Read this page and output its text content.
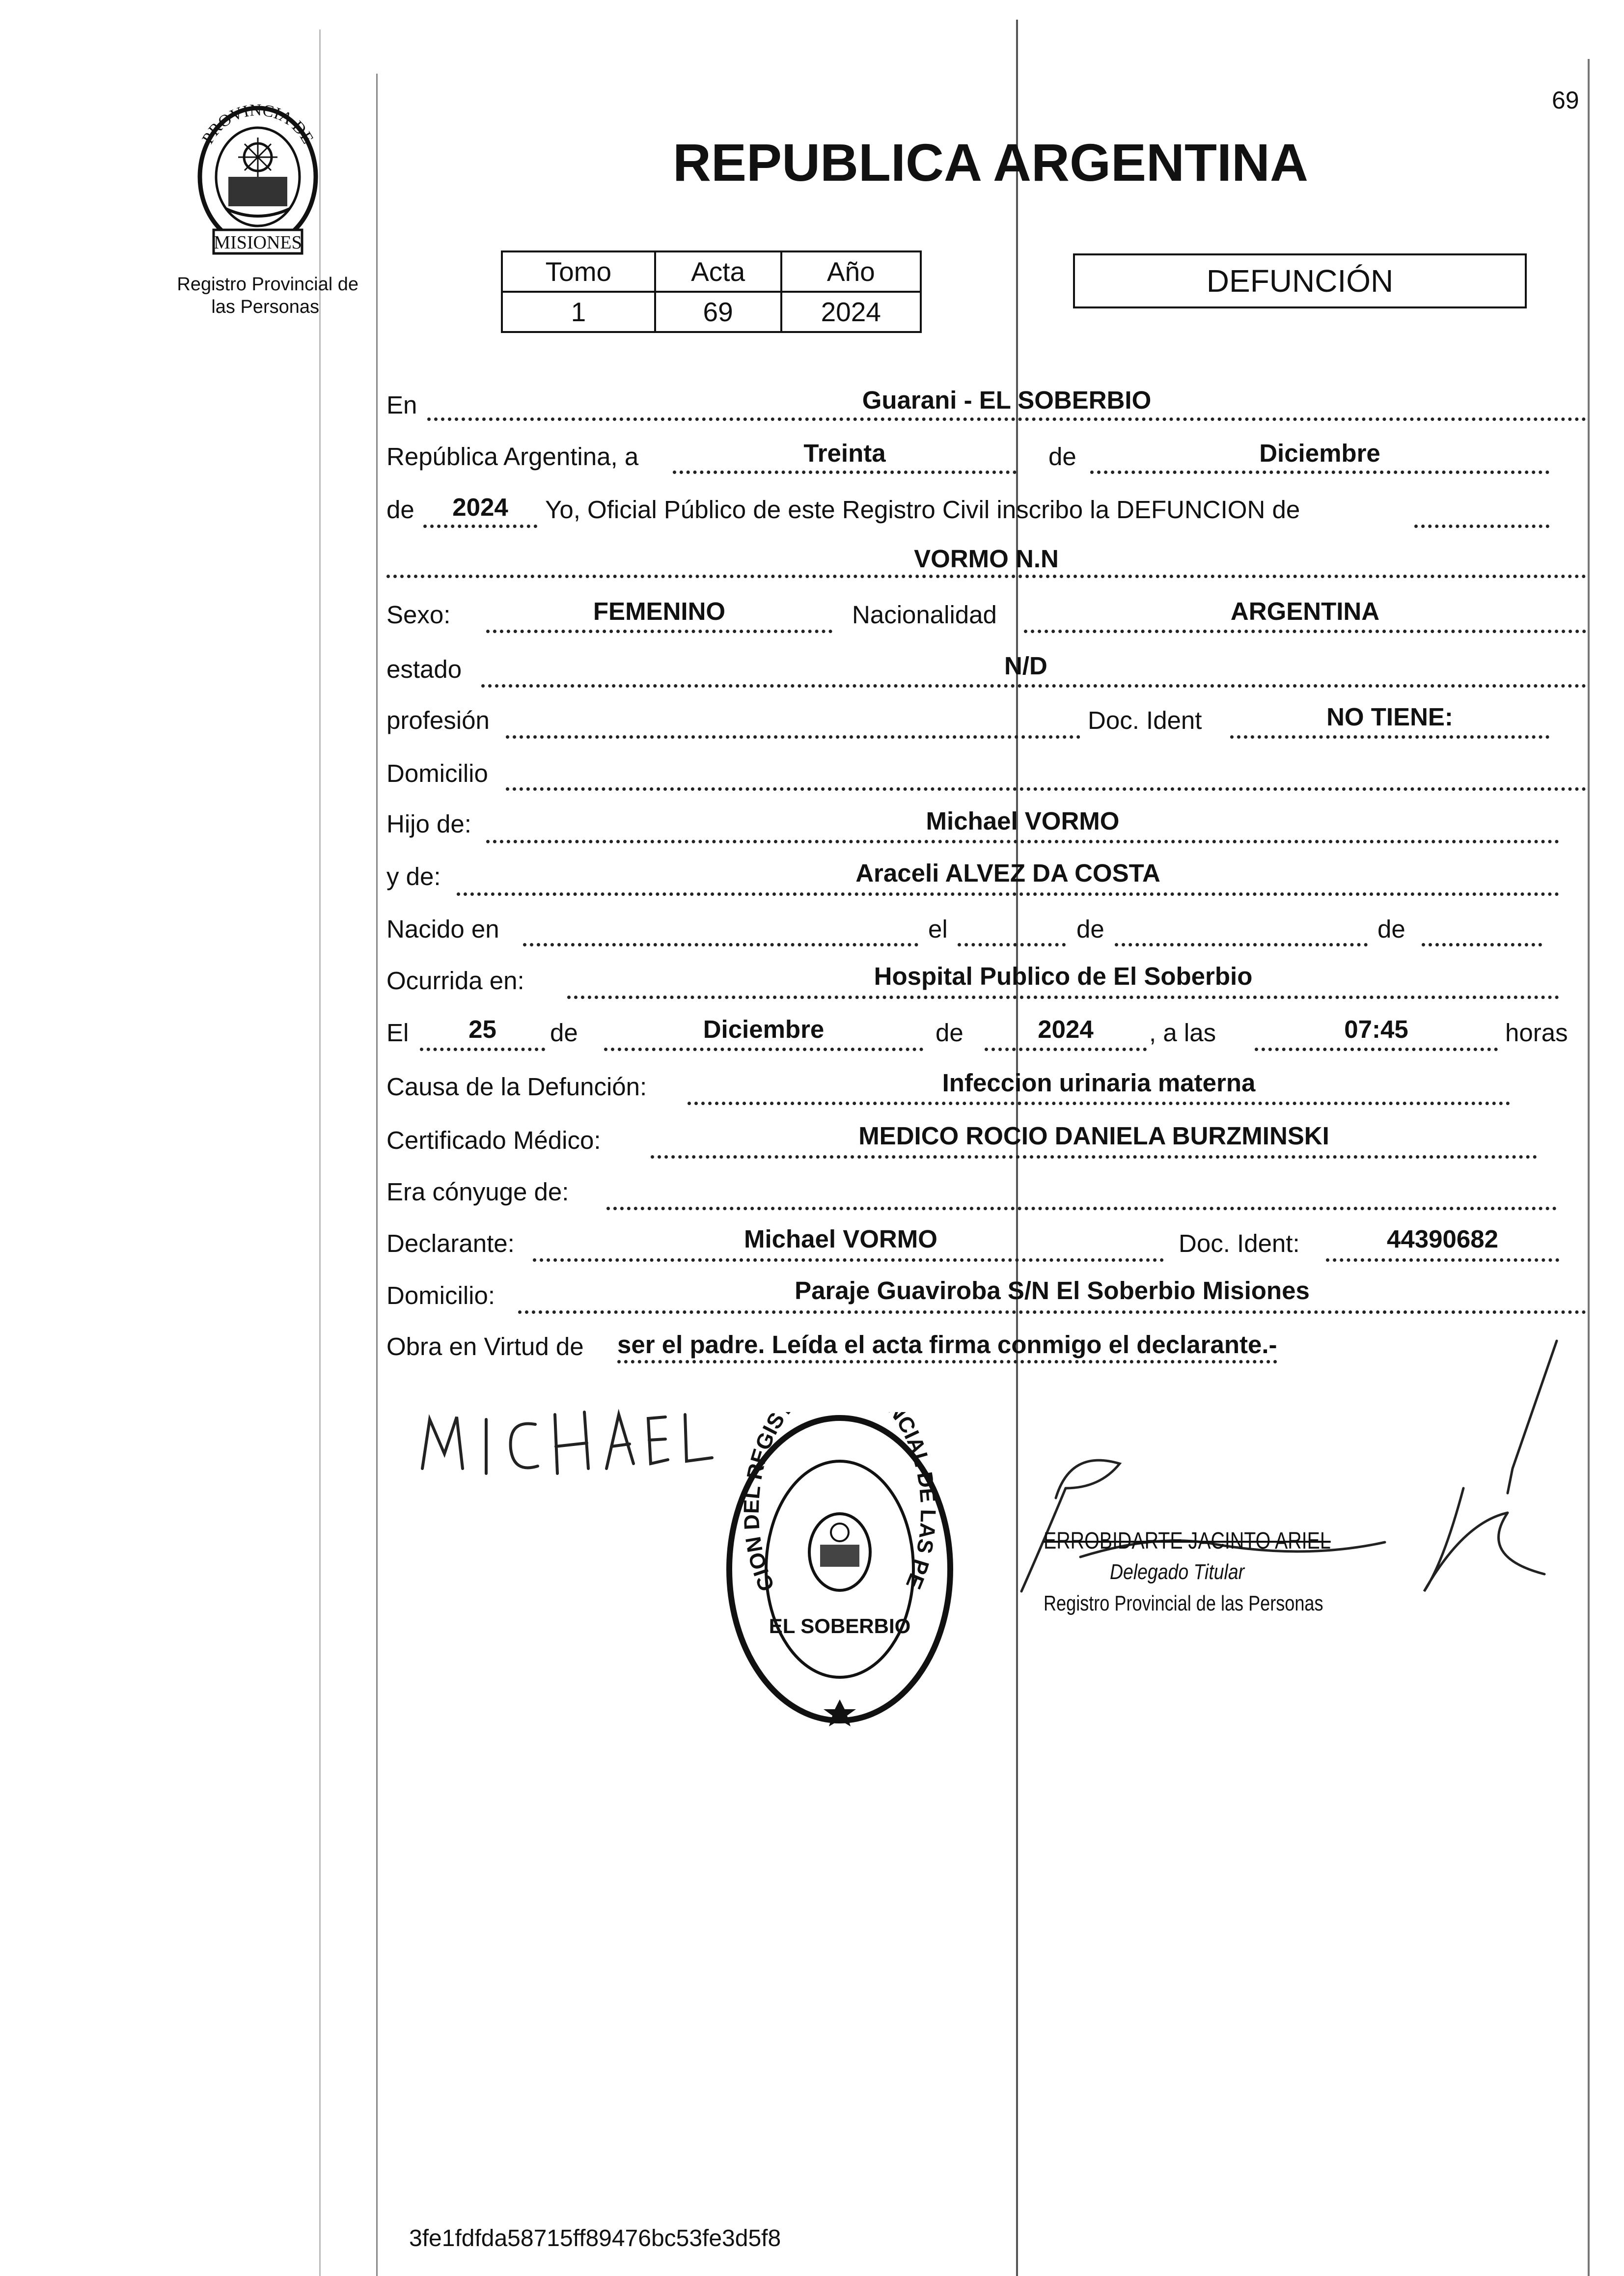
69
PROVINCIA DE
MISIONES
Registro Provincial de
las Personas
REPUBLICA ARGENTINA
Tomo	Acta	Año
1	69	2024
DEFUNCIÓN
En	Guarani - EL SOBERBIO
República Argentina, a	Treinta	de	Diciembre
de	2024	Yo, Oficial Público de este Registro Civil inscribo la DEFUNCION de
VORMO N.N
Sexo:	FEMENINO	Nacionalidad	ARGENTINA
estado	N/D
profesión	Doc. Ident	NO TIENE:
Domicilio
Hijo de:	Michael VORMO
y de:	Araceli ALVEZ DA COSTA
Nacido en	el	de	de
Ocurrida en:	Hospital Publico de El Soberbio
El	25	de	Diciembre	de	2024	, a las	07:45	horas
Causa de la Defunción:	Infeccion urinaria materna
Certificado Médico:	MEDICO ROCIO DANIELA BURZMINSKI
Era cónyuge de:
Declarante:	Michael VORMO	Doc. Ident:	44390682
Domicilio:	Paraje Guaviroba S/N El Soberbio Misiones
Obra en Virtud de ser el padre. Leída el acta firma conmigo el declarante.-
CION DEL REGIS CIAL DE LAS PE
EL SOBERBIO
ERROBIDARTE JACINTO ARIEL
Delegado Titular
Registro Provincial de las Personas
3fe1fdfda58715ff89476bc53fe3d5f8
